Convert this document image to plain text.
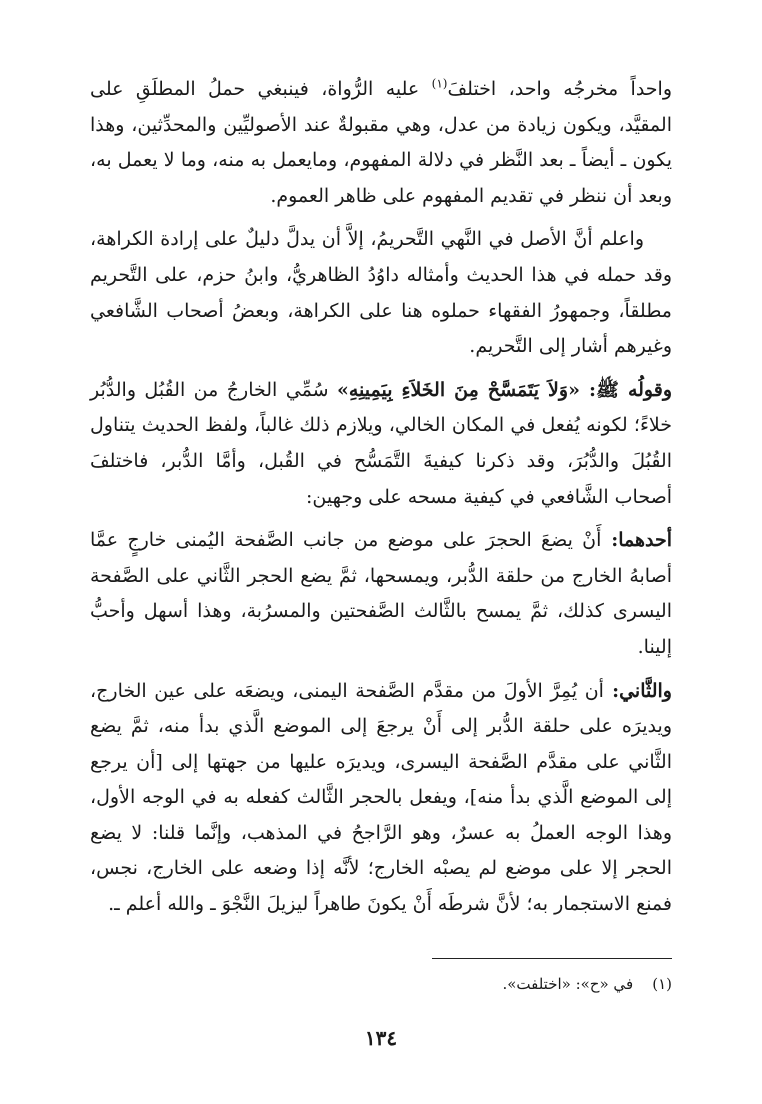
واحداً مخرجُه واحد، اختلفَ$^{(١)}$ عليه الرُّواة، فينبغي حملُ المطلَقِ على المقيَّد، ويكون زيادة من عدل، وهي مقبولةٌ عند الأصوليِّين والمحدِّثين، وهذا يكون ـ أيضاً ـ بعد النَّظر في دلالة المفهوم، ومايعمل به منه، وما لا يعمل به، وبعد أن ننظر في تقديم المفهوم على ظاهر العموم.

واعلم أنَّ الأصل في النَّهي التَّحريمُ، إلاَّ أن يدلَّ دليلٌ على إرادة الكراهة، وقد حمله في هذا الحديث وأمثاله داوُدُ الظاهريُّ، وابنُ حزم، على التَّحريم مطلقاً، وجمهورُ الفقهاء حملوه هنا على الكراهة، وبعضُ أصحاب الشَّافعي وغيرهم أشار إلى التَّحريم.

وقولُه ﷺ: «وَلاَ يَتَمَسَّحْ مِنَ الخَلاَءِ بِيَمِينِهِ» سُمِّي الخارجُ من القُبُل والدُّبُر خلاءً؛ لكونه يُفعل في المكان الخالي، ويلازم ذلك غالباً، ولفظ الحديث يتناول القُبُلَ والدُّبُرَ، وقد ذكرنا كيفيةَ التَّمَسُّح في القُبل، وأمَّا الدُّبر، فاختلفَ أصحاب الشَّافعي في كيفية مسحه على وجهين:

أحدهما: أَنْ يضعَ الحجرَ على موضع من جانب الصَّفحة اليُمنى خارجٍ عمَّا أصابهُ الخارج من حلقة الدُّبر، ويمسحها، ثمَّ يضع الحجر الثَّاني على الصَّفحة اليسرى كذلك، ثمَّ يمسح بالثَّالث الصَّفحتين والمسرُبة، وهذا أسهل وأحبُّ إلينا.

والثَّاني: أن يُمِرَّ الأولَ من مقدَّم الصَّفحة اليمنى، ويضعَه على عين الخارج، ويديرَه على حلقة الدُّبر إلى أَنْ يرجعَ إلى الموضع الَّذي بدأ منه، ثمَّ يضع الثَّاني على مقدَّم الصَّفحة اليسرى، ويديرَه عليها من جهتها إلى [أن يرجع إلى الموضع الَّذي بدأ منه]، ويفعل بالحجر الثَّالث كفعله به في الوجه الأول، وهذا الوجه العملُ به عسرٌ، وهو الرَّاجحُ في المذهب، وإنَّما قلنا: لا يضع الحجر إلا على موضع لم يصبْه الخارج؛ لأنَّه إذا وضعه على الخارج، نجس، فمنع الاستجمار به؛ لأنَّ شرطَه أَنْ يكونَ طاهراً ليزيلَ النَّجْوَ ـ والله أعلم ـ.

(١)    في «ح»: «اختلفت».
١٣٤
